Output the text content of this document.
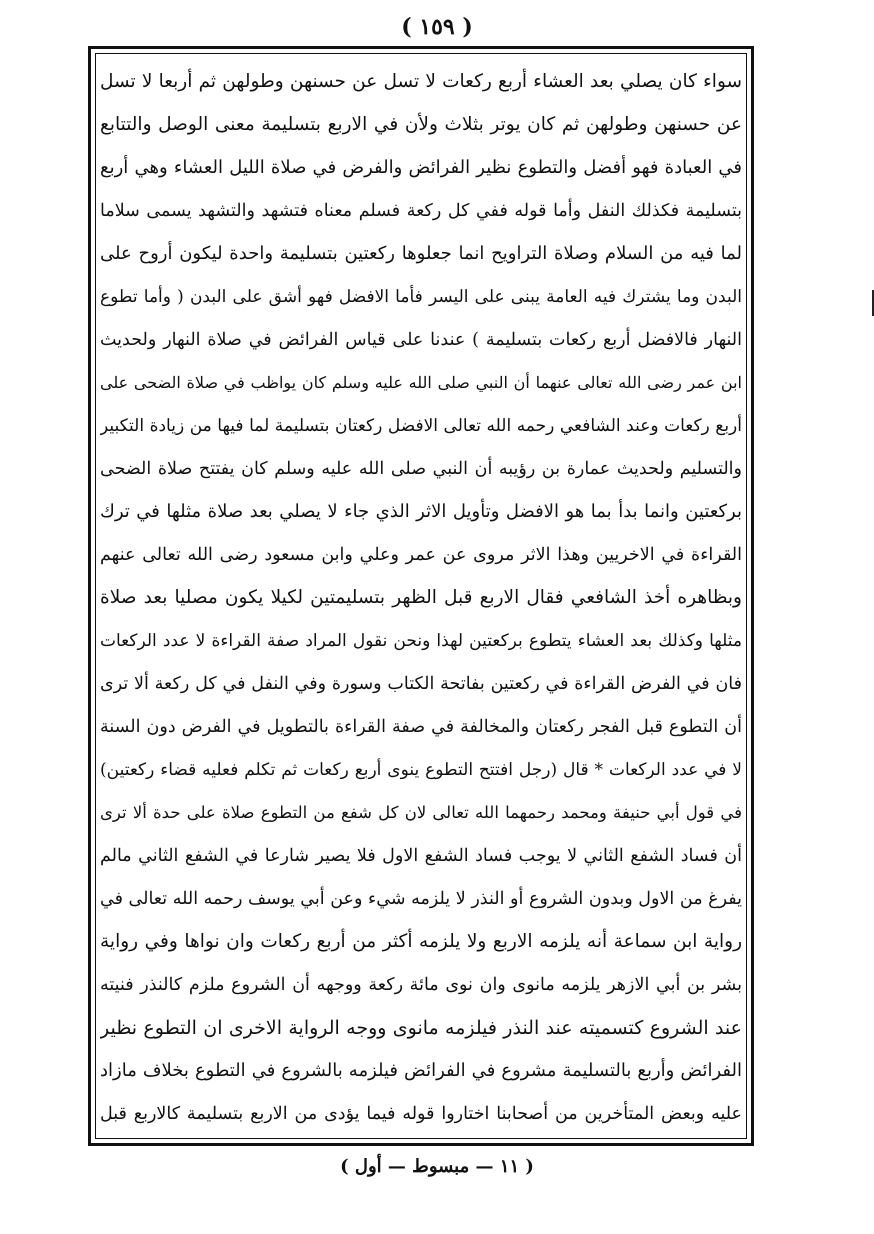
( ١٥٩ )
سواء كان يصلي بعد العشاء أربع ركعات لا تسل عن حسنهن وطولهن ثم أربعا لا تسل
عن حسنهن وطولهن ثم كان يوتر بثلاث ولأن في الاربع بتسليمة معنى الوصل والتتابع
في العبادة فهو أفضل والتطوع نظير الفرائض والفرض في صلاة الليل العشاء وهي أربع
بتسليمة فكذلك النفل وأما قوله ففي كل ركعة فسلم معناه فتشهد والتشهد يسمى سلاما
لما فيه من السلام وصلاة التراويح انما جعلوها ركعتين بتسليمة واحدة ليكون أروح على
البدن وما يشترك فيه العامة يبنى على اليسر فأما الافضل فهو أشق على البدن ( وأما تطوع
النهار فالافضل أربع ركعات بتسليمة ) عندنا على قياس الفرائض في صلاة النهار ولحديث
ابن عمر رضى الله تعالى عنهما أن النبي صلى الله عليه وسلم كان يواظب في صلاة الضحى على
أربع ركعات وعند الشافعي رحمه الله تعالى الافضل ركعتان بتسليمة لما فيها من زيادة التكبير
والتسليم ولحديث عمارة بن رؤيبه أن النبي صلى الله عليه وسلم كان يفتتح صلاة الضحى
بركعتين وانما بدأ بما هو الافضل وتأويل الاثر الذي جاء لا يصلي بعد صلاة مثلها في ترك
القراءة في الاخريين وهذا الاثر مروى عن عمر وعلي وابن مسعود رضى الله تعالى عنهم
وبظاهره أخذ الشافعي فقال الاربع قبل الظهر بتسليمتين لكيلا يكون مصليا بعد صلاة
مثلها وكذلك بعد العشاء يتطوع بركعتين لهذا ونحن نقول المراد صفة القراءة لا عدد الركعات
فان في الفرض القراءة في ركعتين بفاتحة الكتاب وسورة وفي النفل في كل ركعة ألا ترى
أن التطوع قبل الفجر ركعتان والمخالفة في صفة القراءة بالتطويل في الفرض دون السنة
لا في عدد الركعات * قال (رجل افتتح التطوع ينوى أربع ركعات ثم تكلم فعليه قضاء ركعتين)
في قول أبي حنيفة ومحمد رحمهما الله تعالى لان كل شفع من التطوع صلاة على حدة ألا ترى
أن فساد الشفع الثاني لا يوجب فساد الشفع الاول فلا يصير شارعا في الشفع الثاني مالم
يفرغ من الاول وبدون الشروع أو النذر لا يلزمه شيء وعن أبي يوسف رحمه الله تعالى في
رواية ابن سماعة أنه يلزمه الاربع ولا يلزمه أكثر من أربع ركعات وان نواها وفي رواية
بشر بن أبي الازهر يلزمه مانوى وان نوى مائة ركعة ووجهه أن الشروع ملزم كالنذر فنيته
عند الشروع كتسميته عند النذر فيلزمه مانوى ووجه الرواية الاخرى ان التطوع نظير
الفرائض وأربع بالتسليمة مشروع في الفرائض فيلزمه بالشروع في التطوع بخلاف مازاد
عليه وبعض المتأخرين من أصحابنا اختاروا قوله فيما يؤدى من الاربع بتسليمة كالاربع قبل
( ١١ — مبسوط — أول )
